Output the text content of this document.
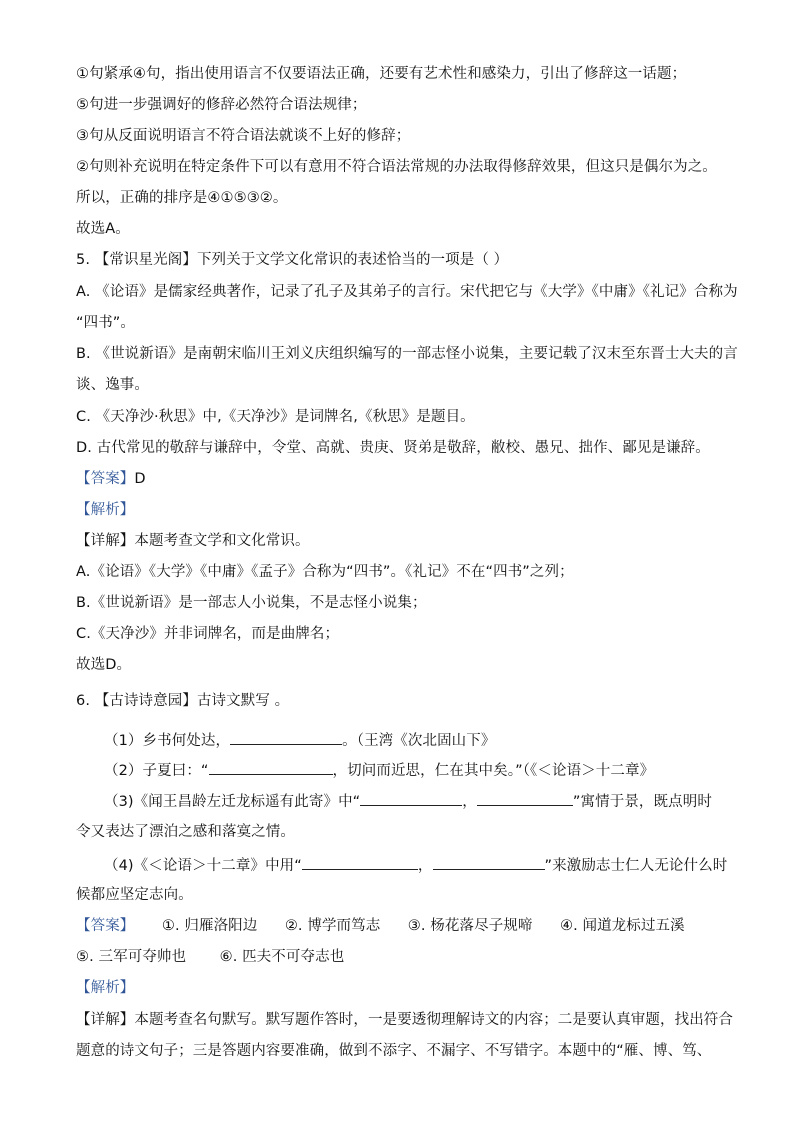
①句紧承④句，指出使用语言不仅要语法正确，还要有艺术性和感染力，引出了修辞这一话题；
⑤句进一步强调好的修辞必然符合语法规律；
③句从反面说明语言不符合语法就谈不上好的修辞；
②句则补充说明在特定条件下可以有意用不符合语法常规的办法取得修辞效果，但这只是偶尔为之。
所以，正确的排序是④①⑤③②。
故选A。
5. 【常识星光阁】下列关于文学文化常识的表述恰当的一项是（ ）
A. 《论语》是儒家经典著作，记录了孔子及其弟子的言行。宋代把它与《大学》《中庸》《礼记》合称为
“四书”。
B. 《世说新语》是南朝宋临川王刘义庆组织编写的一部志怪小说集，主要记载了汉末至东晋士大夫的言
谈、逸事。
C. 《天净沙·秋思》中,《天净沙》是词牌名,《秋思》是题目。
D. 古代常见的敬辞与谦辞中，令堂、高就、贵庚、贤弟是敬辞，敝校、愚兄、拙作、鄙见是谦辞。
【答案】D
【解析】
【详解】本题考查文学和文化常识。
A.《论语》《大学》《中庸》《孟子》合称为“四书”。《礼记》不在“四书”之列；
B.《世说新语》是一部志人小说集，不是志怪小说集；
C.《天净沙》并非词牌名，而是曲牌名；
故选D。
6. 【古诗诗意园】古诗文默写 。
（1）乡书何处达，	。（王湾《次北固山下》
（2）子夏曰：“	，切问而近思，仁在其中矣。”（《＜论语＞十二章》
（3)《闻王昌龄左迁龙标遥有此寄》中“	，	”寓情于景，既点明时
令又表达了漂泊之感和落寞之情。
（4)《＜论语＞十二章》中用“	，	”来激励志士仁人无论什么时
候都应坚定志向。
【答案】 ①. 归雁洛阳边 ②. 博学而笃志 ③. 杨花落尽子规啼 ④. 闻道龙标过五溪
⑤. 三军可夺帅也 ⑥. 匹夫不可夺志也
【解析】
【详解】本题考查名句默写。默写题作答时，一是要透彻理解诗文的内容；二是要认真审题，找出符合
题意的诗文句子；三是答题内容要准确，做到不添字、不漏字、不写错字。本题中的“雁、博、笃、
